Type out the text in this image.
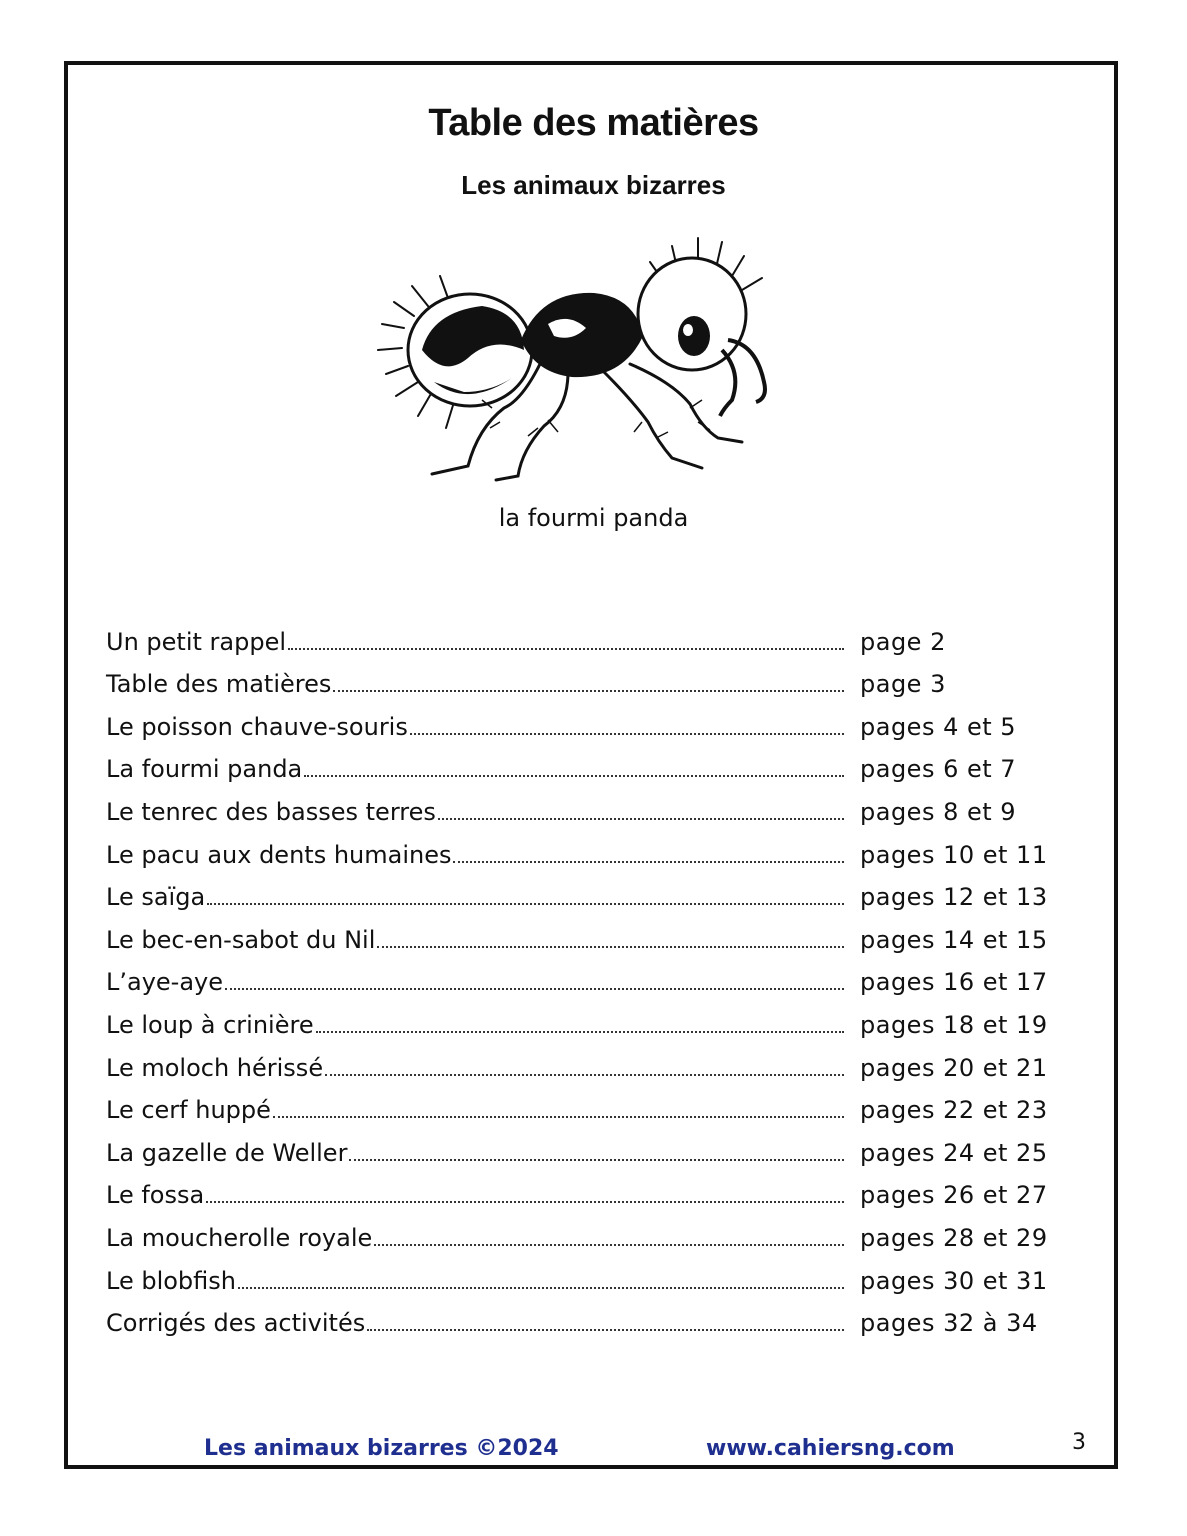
Table des matières
Les animaux bizarres
la fourmi panda
Un petit rappel	page 2
Table des matières	page 3
Le poisson chauve-souris	pages 4 et 5
La fourmi panda	pages 6 et 7
Le tenrec des basses terres	pages 8 et 9
Le pacu aux dents humaines	pages 10 et 11
Le saïga	pages 12 et 13
Le bec-en-sabot du Nil	pages 14 et 15
L’aye-aye	pages 16 et 17
Le loup à crinière	pages 18 et 19
Le moloch hérissé	pages 20 et 21
Le cerf huppé	pages 22 et 23
La gazelle de Weller	pages 24 et 25
Le fossa	pages 26 et 27
La moucherolle royale	pages 28 et 29
Le blobfish	pages 30 et 31
Corrigés des activités	pages 32 à 34
Les animaux bizarres ©2024	www.cahiersng.com	3
